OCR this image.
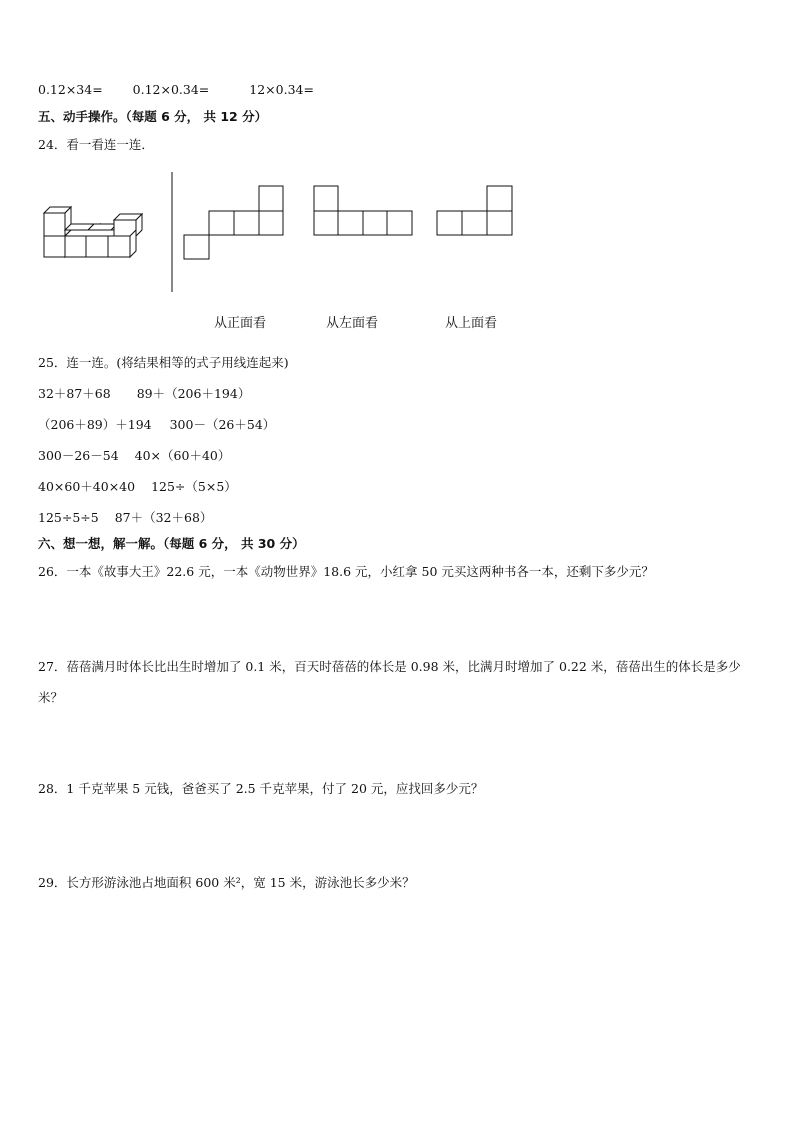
0.12×34= 0.12×0.34=	12×0.34=
五、动手操作。（每题 6 分， 共 12 分）
24．看一看连一连．
从正面看	从左面看	从上面看
25．连一连。(将结果相等的式子用线连起来)
32＋87＋68 89＋（206＋194）
（206＋89）＋194 300－（26＋54）
300－26－54 40×（60＋40）
40×60＋40×40 125÷（5×5）
125÷5÷5 87＋（32＋68）
六、想一想，解一解。（每题 6 分， 共 30 分）
26．一本《故事大王》22.6 元，一本《动物世界》18.6 元，小红拿 50 元买这两种书各一本，还剩下多少元？
27．蓓蓓满月时体长比出生时增加了 0.1 米，百天时蓓蓓的体长是 0.98 米，比满月时增加了 0.22 米，蓓蓓出生的体长是多少米？
28．1 千克苹果 5 元钱，爸爸买了 2.5 千克苹果，付了 20 元，应找回多少元？
29．长方形游泳池占地面积 600 米²，宽 15 米，游泳池长多少米？
